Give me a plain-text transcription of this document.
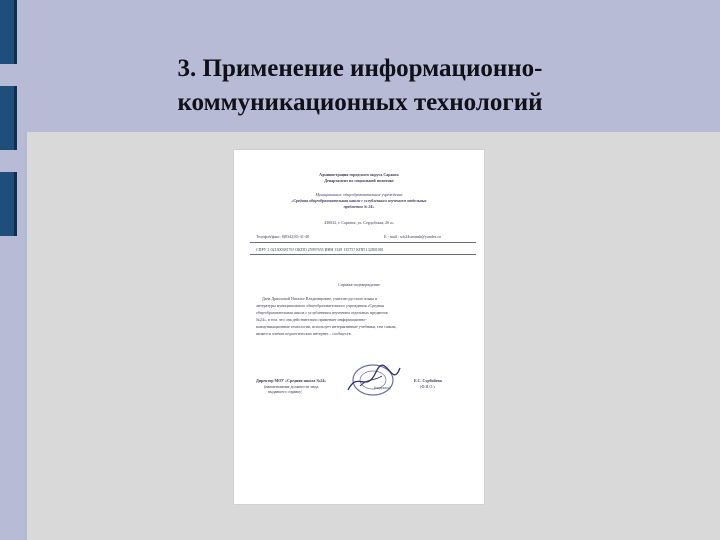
3. Применение информационно-
коммуникационных технологий
Администрация городского округа Саранск
Департамент по социальной политике
Муниципальное общеобразовательное учреждение
«Средняя общеобразовательная школа с углубленным изучением отдельных
предметов № 24»
430032, г. Саранск, ул. Сердобская, 26 а»
Телефон/факс: 8(8342)35-31-40	E - mail : sch24saransk@yandex.ru
СПРУ 1 02130038176? ОКПО 25997655 ИНН 1328 135757 КПП 132801001
Справка-подтверждение
Дана Дряхловой Наталье Владимировне, учителю русского языка и
литературы муниципального общеобразовательного учреждения «Средняя
общеобразовательная школа с углубленным изучением отдельных предметов
№24», в том, что она действительно применяет информационно-
коммуникационные технологии, использует интерактивные учебники, тем самым,
является членом педагогических интернет – сообществ.
Директор МОУ «Средняя школа №24»
(наименование должности лица,
выдавшего справку)
(подпись)
Е.С. Сурбойева
(Ф.И.О.)
